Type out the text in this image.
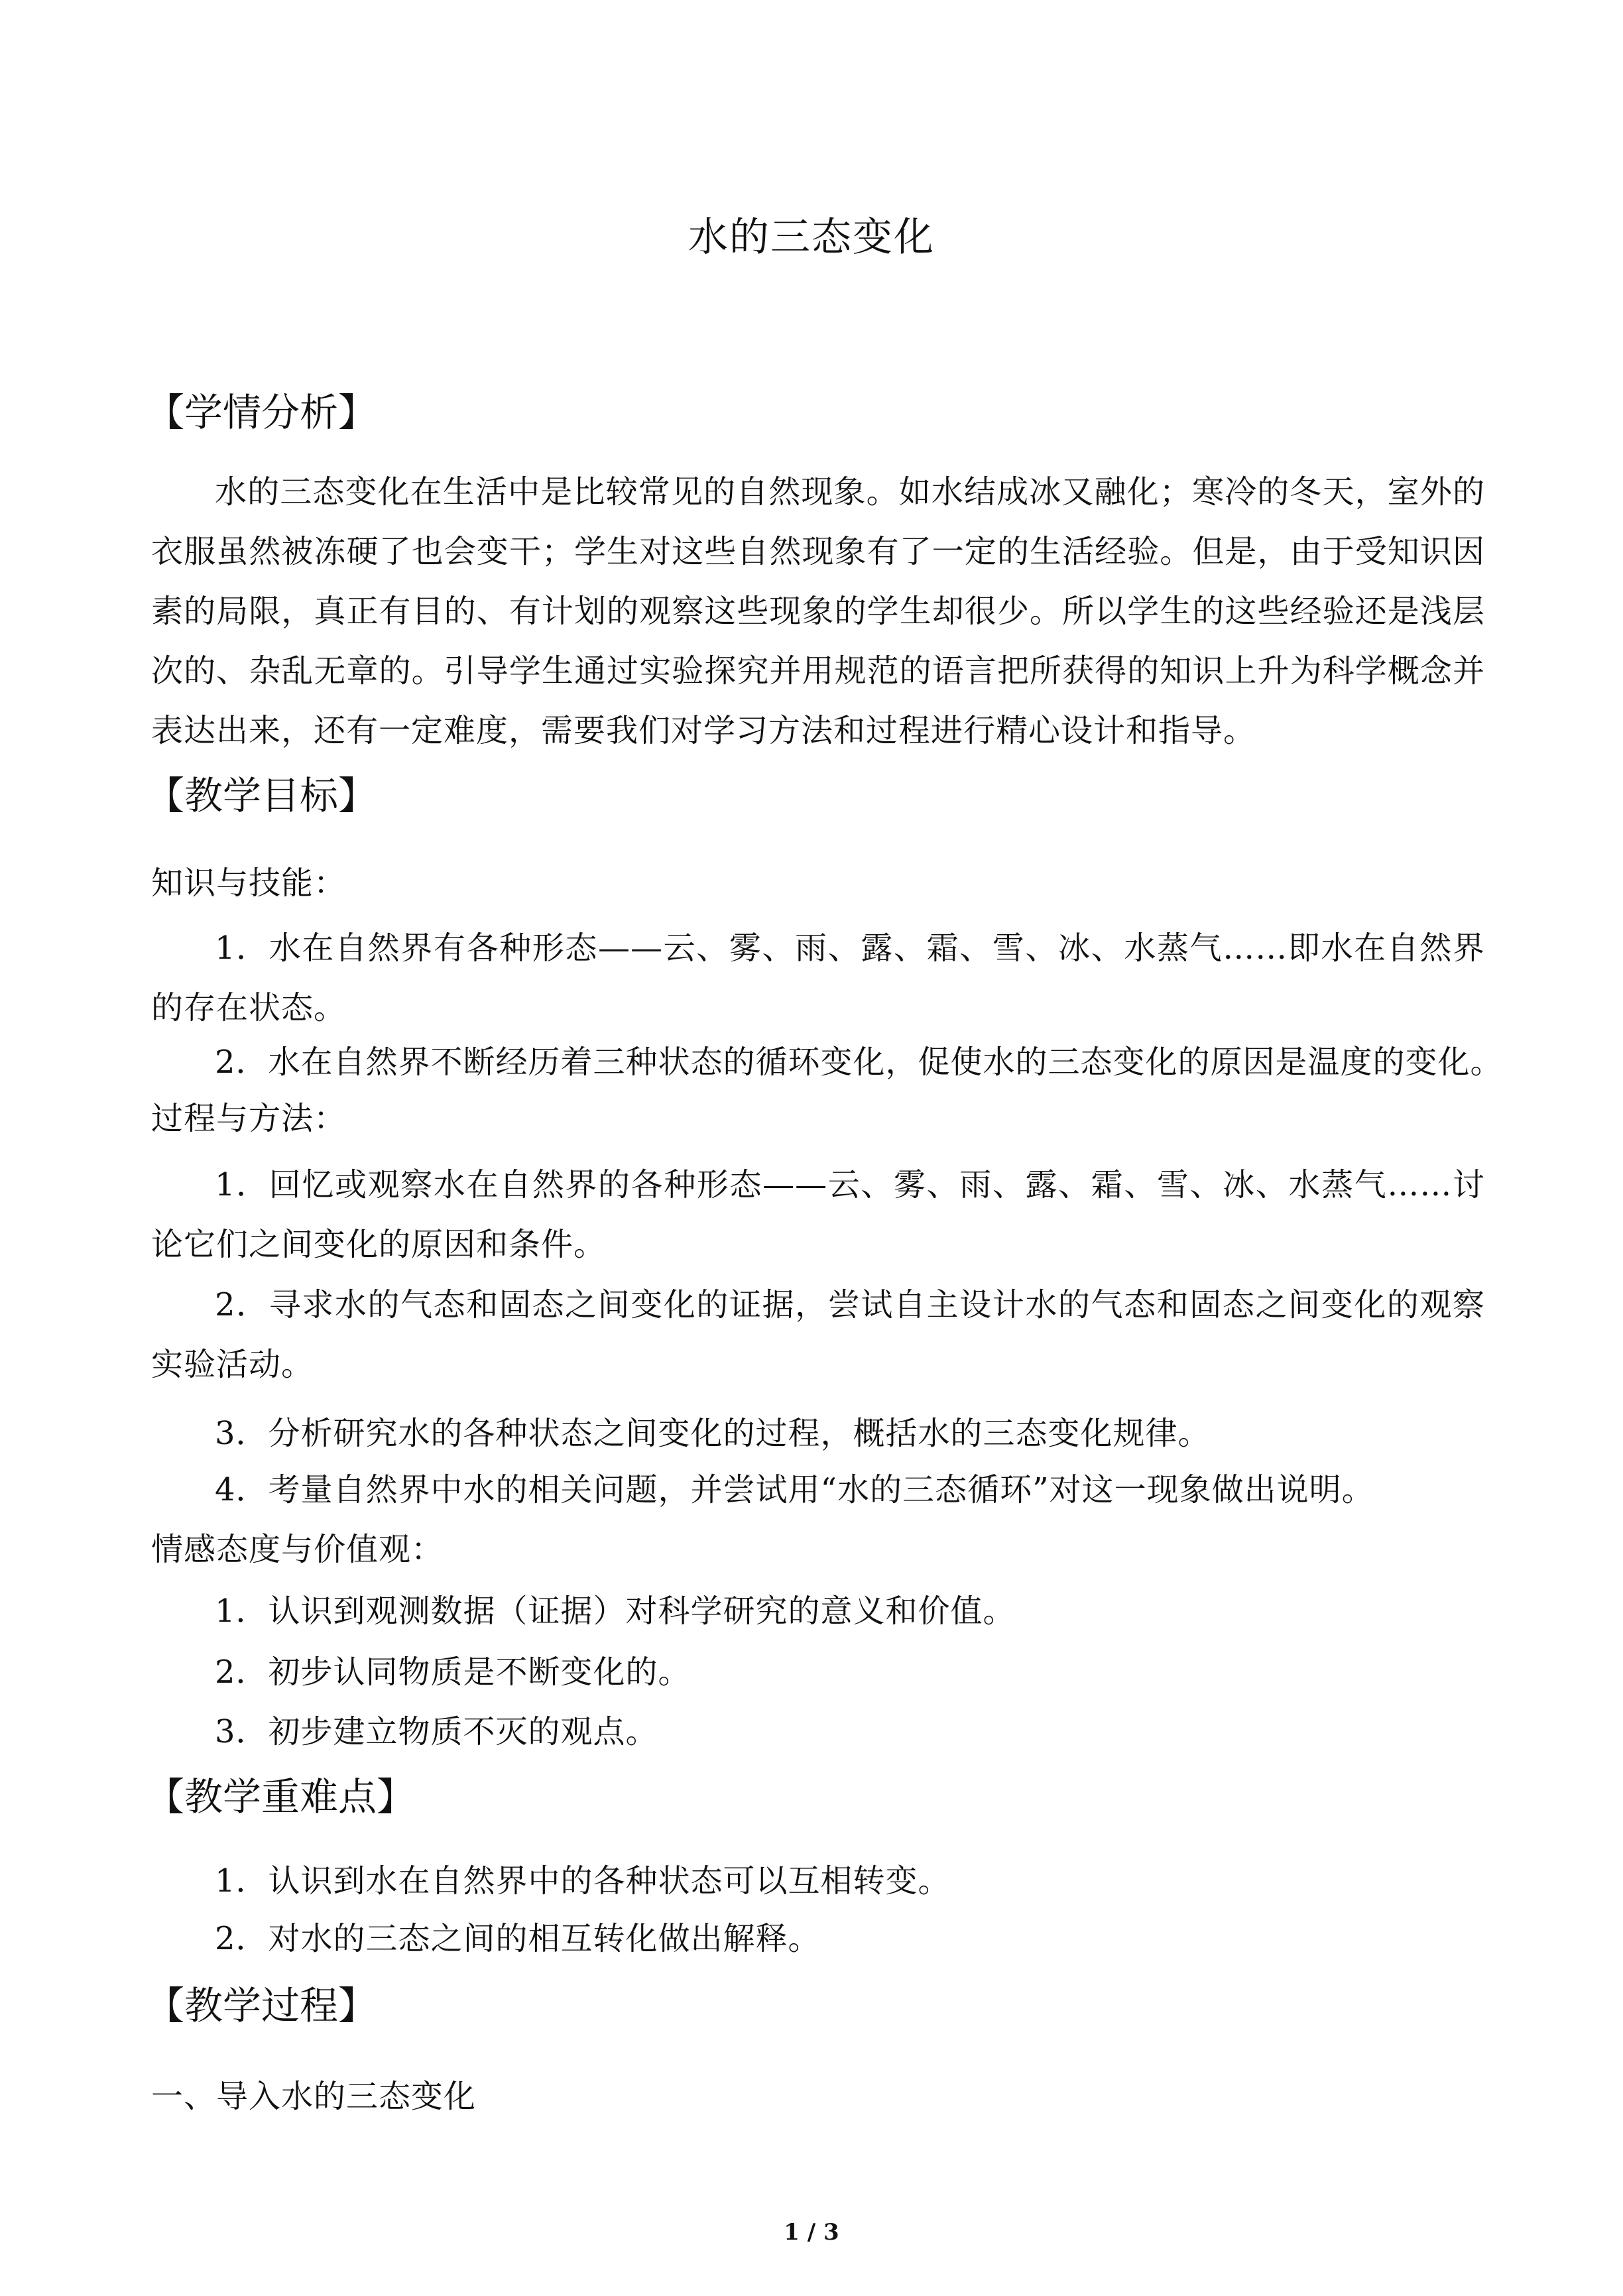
水的三态变化
【学情分析】
水的三态变化在生活中是比较常见的自然现象。如水结成冰又融化；寒冷的冬天，室外的衣服虽然被冻硬了也会变干；学生对这些自然现象有了一定的生活经验。但是，由于受知识因素的局限，真正有目的、有计划的观察这些现象的学生却很少。所以学生的这些经验还是浅层次的、杂乱无章的。引导学生通过实验探究并用规范的语言把所获得的知识上升为科学概念并表达出来，还有一定难度，需要我们对学习方法和过程进行精心设计和指导。
【教学目标】
知识与技能：
1．水在自然界有各种形态——云、雾、雨、露、霜、雪、冰、水蒸气……即水在自然界的存在状态。
2．水在自然界不断经历着三种状态的循环变化，促使水的三态变化的原因是温度的变化。
过程与方法：
1．回忆或观察水在自然界的各种形态——云、雾、雨、露、霜、雪、冰、水蒸气……讨论它们之间变化的原因和条件。
2．寻求水的气态和固态之间变化的证据，尝试自主设计水的气态和固态之间变化的观察实验活动。
3．分析研究水的各种状态之间变化的过程，概括水的三态变化规律。
4．考量自然界中水的相关问题，并尝试用“水的三态循环”对这一现象做出说明。
情感态度与价值观：
1．认识到观测数据（证据）对科学研究的意义和价值。
2．初步认同物质是不断变化的。
3．初步建立物质不灭的观点。
【教学重难点】
1．认识到水在自然界中的各种状态可以互相转变。
2．对水的三态之间的相互转化做出解释。
【教学过程】
一、导入水的三态变化
1 / 3
